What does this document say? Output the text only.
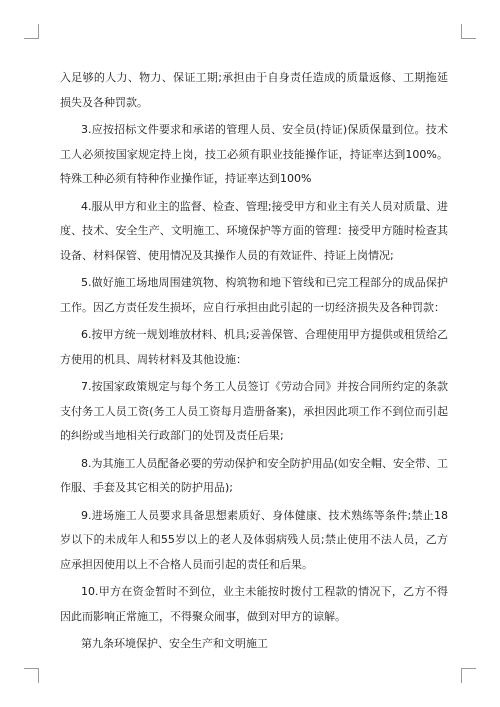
入足够的人力、物力、保证工期;承担由于自身责任造成的质量返修、工期拖延损失及各种罚款。

3.应按招标文件要求和承诺的管理人员、安全员(持证)保质保量到位。技术工人必须按国家规定持上岗，技工必须有职业技能操作证，持证率达到100%。特殊工种必须有特种作业操作证，持证率达到100%

4.服从甲方和业主的监督、检查、管理;接受甲方和业主有关人员对质量、进度、技术、安全生产、文明施工、环境保护等方面的管理：接受甲方随时检查其设备、材料保管、使用情况及其操作人员的有效证件、持证上岗情况;

5.做好施工场地周围建筑物、构筑物和地下管线和已完工程部分的成品保护工作。因乙方责任发生损坏，应自行承担由此引起的一切经济损失及各种罚款：

6.按甲方统一规划堆放材料、机具;妥善保管、合理使用甲方提供或租赁给乙方使用的机具、周转材料及其他设施：

7.按国家政策规定与每个务工人员签订《劳动合同》并按合同所约定的条款支付务工人员工资(务工人员工资每月造册备案)，承担因此项工作不到位而引起的纠纷或当地相关行政部门的处罚及责任后果;

8.为其施工人员配备必要的劳动保护和安全防护用品(如安全帽、安全带、工作服、手套及其它相关的防护用品);

9.进场施工人员要求具备思想素质好、身体健康、技术熟练等条件;禁止18岁以下的未成年人和55岁以上的老人及体弱病残人员;禁止使用不法人员，乙方应承担因使用以上不合格人员而引起的责任和后果。

10.甲方在资金暂时不到位，业主未能按时拨付工程款的情况下，乙方不得因此而影响正常施工，不得聚众闹事，做到对甲方的谅解。

第九条环境保护、安全生产和文明施工
